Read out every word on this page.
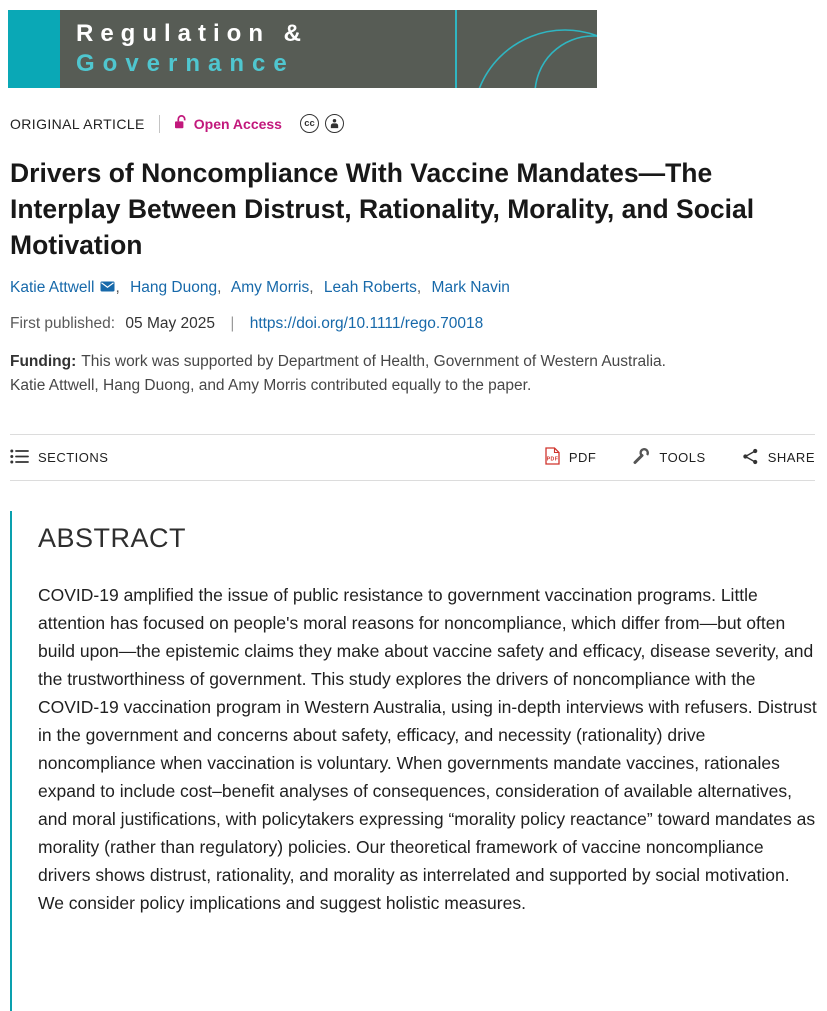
Regulation &
Governance
ORIGINAL ARTICLE	Open Access	cc
Drivers of Noncompliance With Vaccine Mandates—The Interplay Between Distrust, Rationality, Morality, and Social Motivation
Katie Attwell , Hang Duong, Amy Morris, Leah Roberts, Mark Navin
First published: 05 May 2025 | https://doi.org/10.1111/rego.70018
Funding: This work was supported by Department of Health, Government of Western Australia.
Katie Attwell, Hang Duong, and Amy Morris contributed equally to the paper.
SECTIONS	PDF PDF	TOOLS	SHARE
ABSTRACT

COVID-19 amplified the issue of public resistance to government vaccination programs. Little attention has focused on people's moral reasons for noncompliance, which differ from—but often build upon—the epistemic claims they make about vaccine safety and efficacy, disease severity, and the trustworthiness of government. This study explores the drivers of noncompliance with the COVID-19 vaccination program in Western Australia, using in-depth interviews with refusers. Distrust in the government and concerns about safety, efficacy, and necessity (rationality) drive noncompliance when vaccination is voluntary. When governments mandate vaccines, rationales expand to include cost–benefit analyses of consequences, consideration of available alternatives, and moral justifications, with policytakers expressing “morality policy reactance” toward mandates as morality (rather than regulatory) policies. Our theoretical framework of vaccine noncompliance drivers shows distrust, rationality, and morality as interrelated and supported by social motivation. We consider policy implications and suggest holistic measures.
